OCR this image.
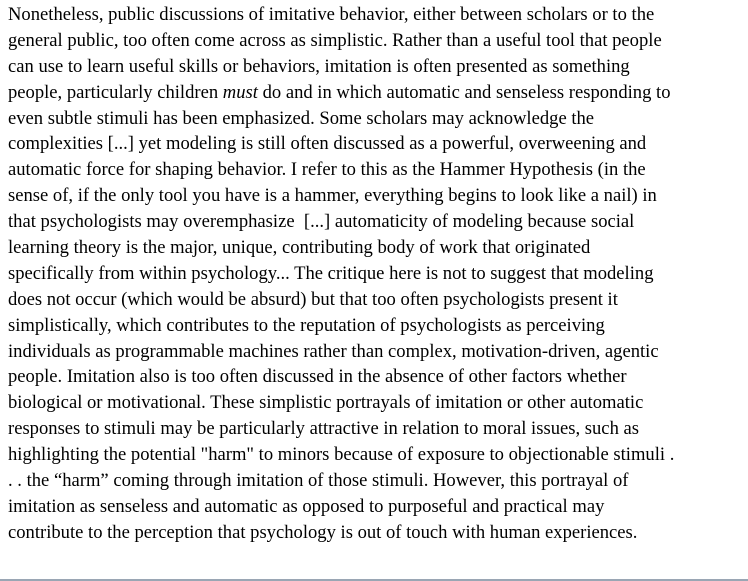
Nonetheless, public discussions of imitative behavior, either between scholars or to the
general public, too often come across as simplistic. Rather than a useful tool that people
can use to learn useful skills or behaviors, imitation is often presented as something
people, particularly children must do and in which automatic and senseless responding to
even subtle stimuli has been emphasized. Some scholars may acknowledge the
complexities [...] yet modeling is still often discussed as a powerful, overweening and
automatic force for shaping behavior. I refer to this as the Hammer Hypothesis (in the
sense of, if the only tool you have is a hammer, everything begins to look like a nail) in
that psychologists may overemphasize  [...] automaticity of modeling because social
learning theory is the major, unique, contributing body of work that originated
specifically from within psychology... The critique here is not to suggest that modeling
does not occur (which would be absurd) but that too often psychologists present it
simplistically, which contributes to the reputation of psychologists as perceiving
individuals as programmable machines rather than complex, motivation-driven, agentic
people. Imitation also is too often discussed in the absence of other factors whether
biological or motivational. These simplistic portrayals of imitation or other automatic
responses to stimuli may be particularly attractive in relation to moral issues, such as
highlighting the potential "harm" to minors because of exposure to objectionable stimuli .
. . the “harm” coming through imitation of those stimuli. However, this portrayal of
imitation as senseless and automatic as opposed to purposeful and practical may
contribute to the perception that psychology is out of touch with human experiences.
